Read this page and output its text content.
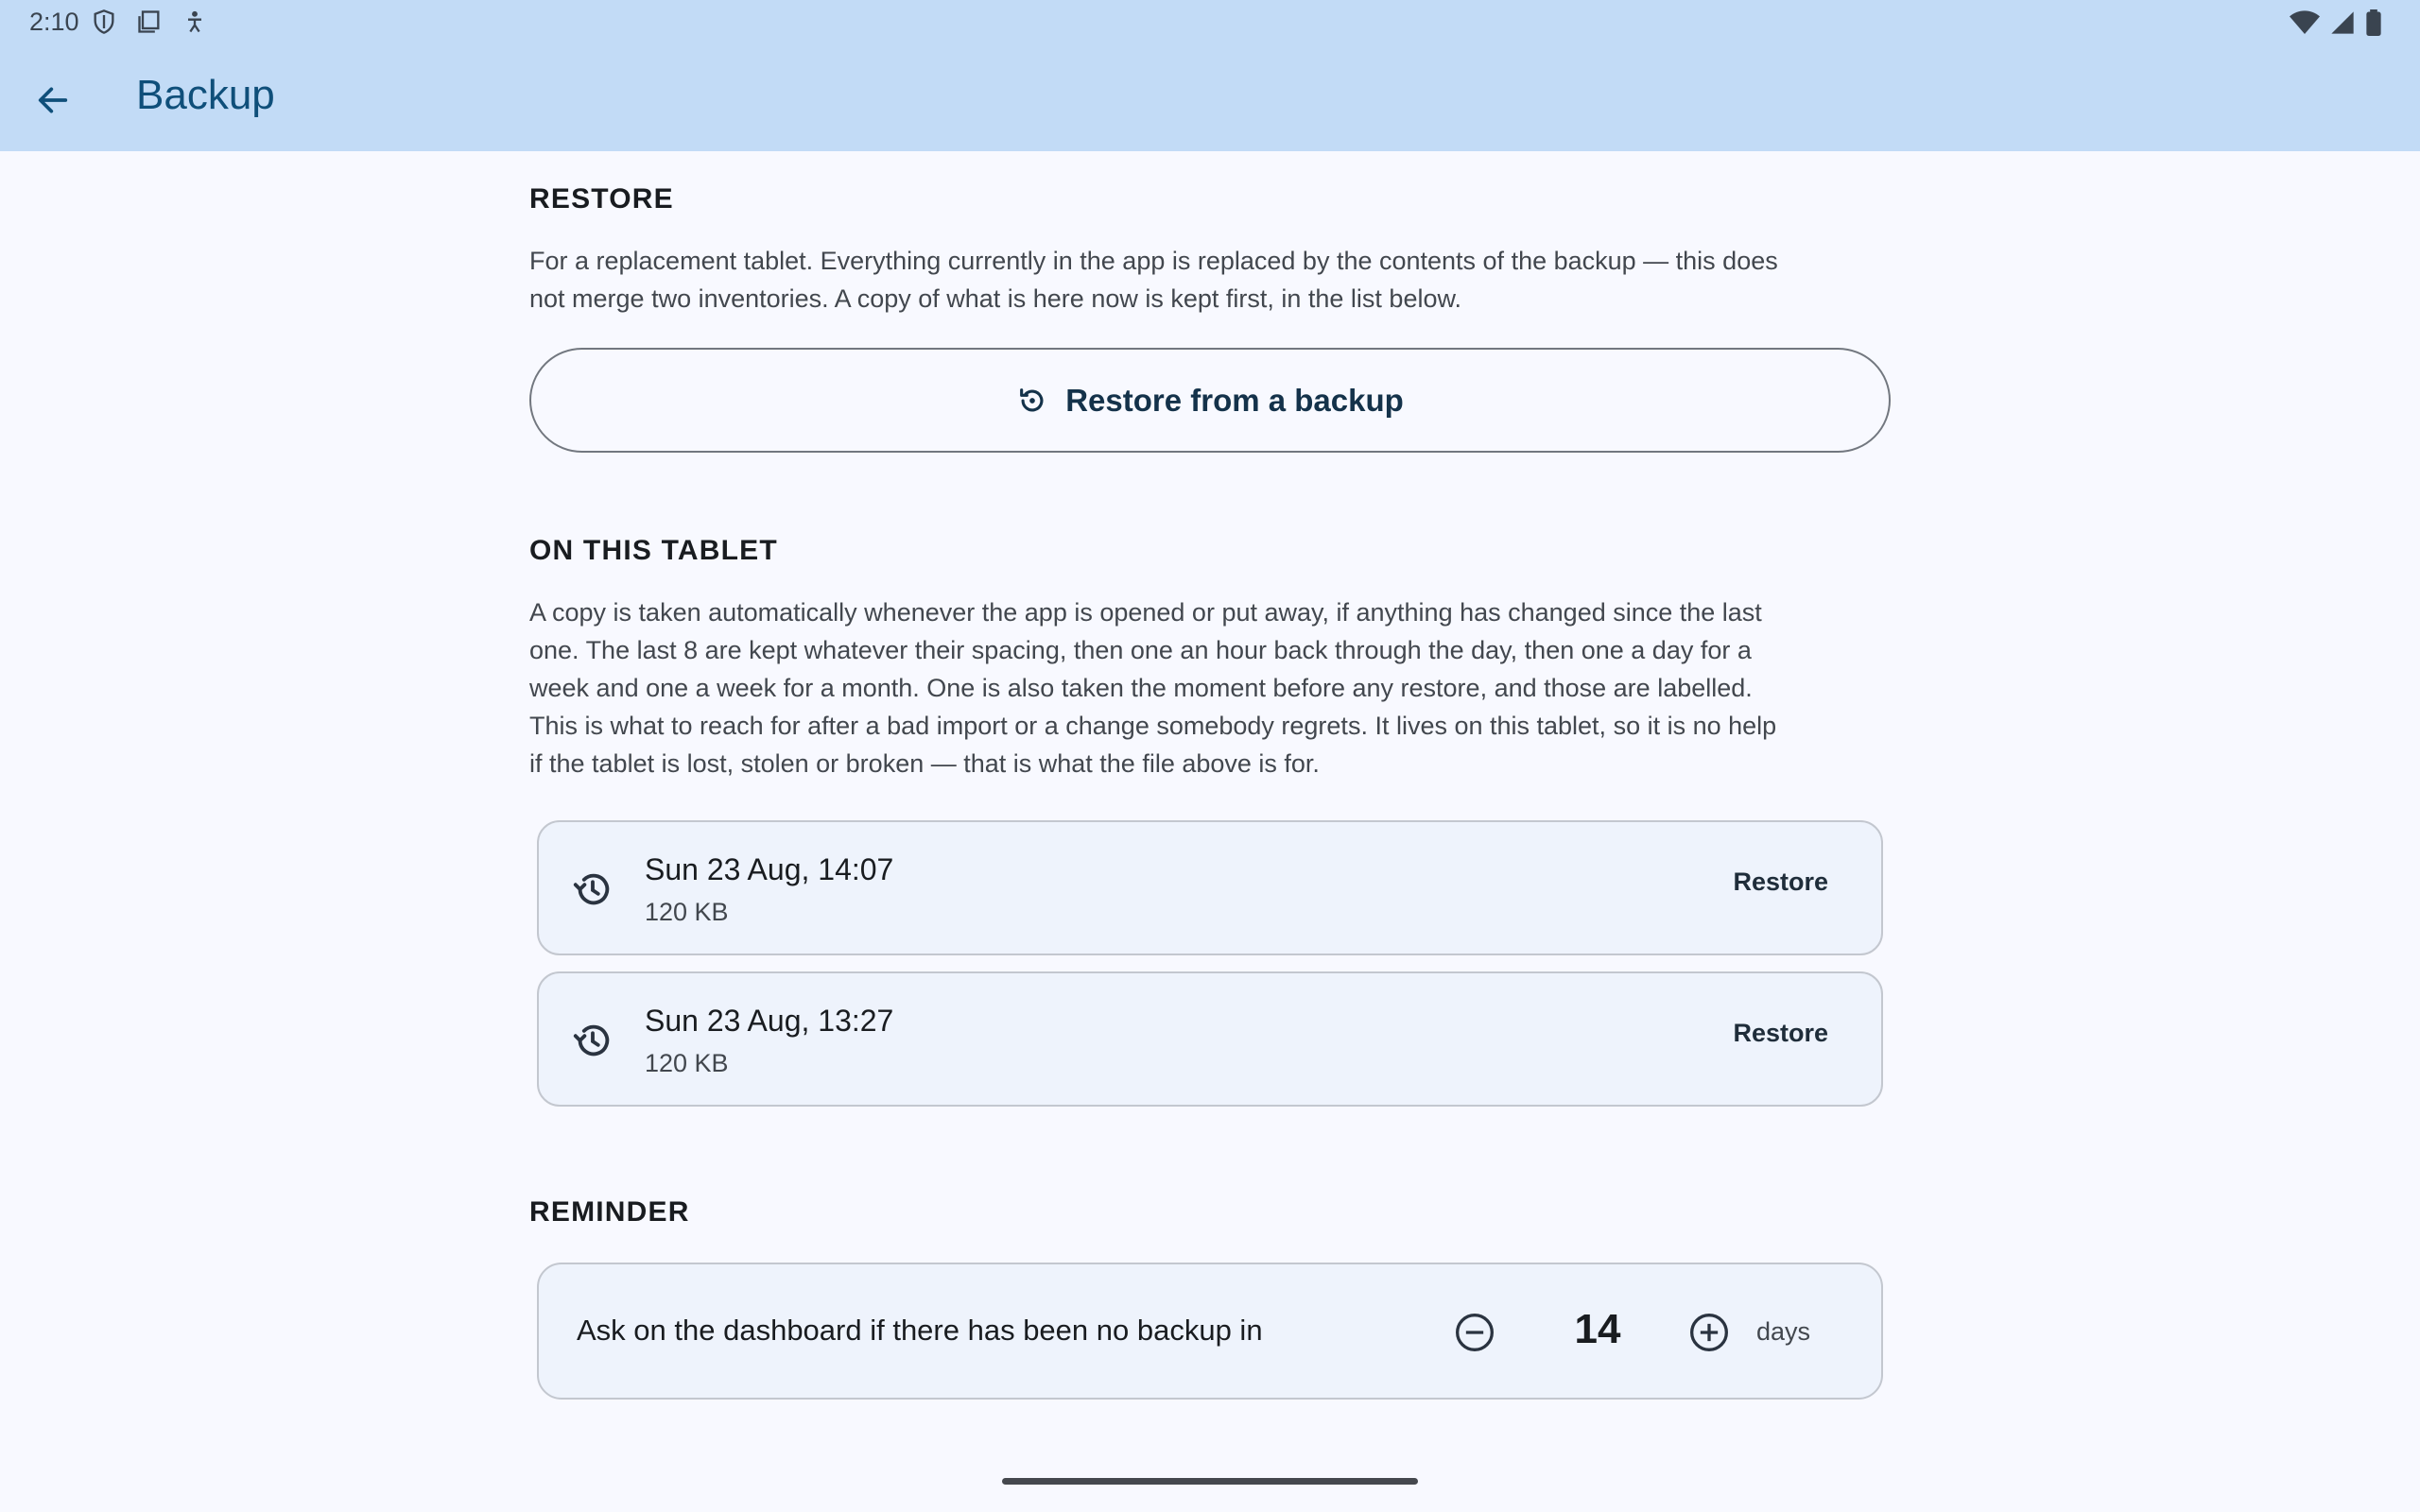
2:10
Backup
RESTORE
For a replacement tablet. Everything currently in the app is replaced by the contents of the backup — this does
not merge two inventories. A copy of what is here now is kept first, in the list below.
Restore from a backup
ON THIS TABLET
A copy is taken automatically whenever the app is opened or put away, if anything has changed since the last
one. The last 8 are kept whatever their spacing, then one an hour back through the day, then one a day for a
week and one a week for a month. One is also taken the moment before any restore, and those are labelled.
This is what to reach for after a bad import or a change somebody regrets. It lives on this tablet, so it is no help
if the tablet is lost, stolen or broken — that is what the file above is for.
Sun 23 Aug, 14:07
120 KB
Restore
Sun 23 Aug, 13:27
120 KB
Restore
REMINDER
Ask on the dashboard if there has been no backup in	14	days
